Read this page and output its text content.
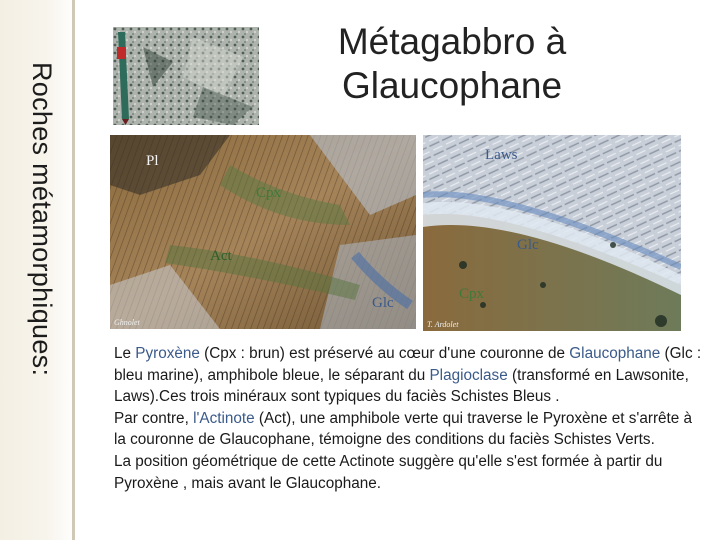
Roches métamorphiques:
Métagabbro à
Glaucophane
Pl
Cpx
Act
Glc
Ghnolet
Laws
Glc
Cpx
T. Ardolet

Le Pyroxène (Cpx : brun) est préservé au cœur d'une couronne de Glaucophane (Glc : bleu marine), amphibole bleue, le séparant du Plagioclase (transformé en Lawsonite, Laws).Ces trois minéraux sont typiques du faciès Schistes Bleus .

Par contre, l'Actinote (Act), une amphibole verte qui traverse le Pyroxène et s'arrête à la couronne de Glaucophane, témoigne des conditions du faciès Schistes Verts.

La position géométrique de cette Actinote suggère qu'elle s'est formée à partir du Pyroxène , mais avant le Glaucophane.
